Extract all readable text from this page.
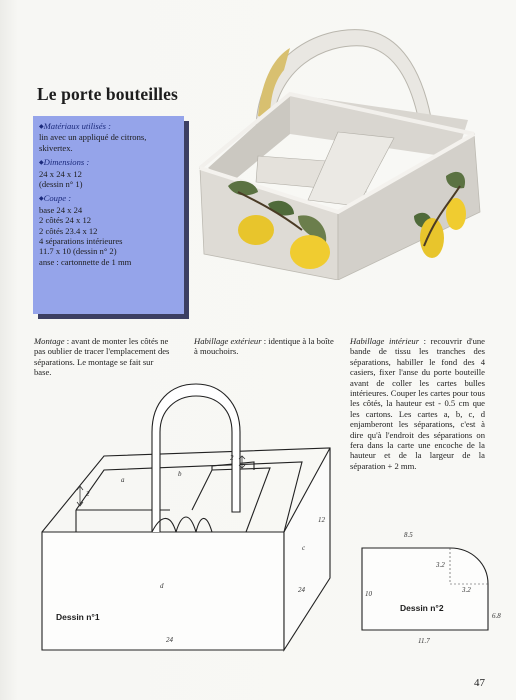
Le porte bouteilles
◆ Matériaux utilisés :
lin avec un appliqué de citrons, skivertex.
◆ Dimensions :
24 x 24 x 12
(dessin n° 1)
◆ Coupe :
base 24 x 24
2 côtés 24 x 12
2 côtés 23.4 x 12
4 séparations intérieures
11.7 x 10 (dessin n° 2)
anse : cartonnette de 1 mm
Montage : avant de monter les côtés ne pas oublier de tracer l'emplacement des séparations. Le montage se fait sur base.
Habillage extérieur : identique à la boîte à mouchoirs.
Habillage intérieur : recouvrir d'une bande de tissu les tranches des séparations, habiller le fond des 4 casiers, fixer l'anse du porte bouteille avant de coller les cartes bulles intérieures. Couper les cartes pour tous les côtés, la hauteur est - 0.5 cm que les cartons. Les cartes a, b, c, d enjamberont les séparations, c'est à dire qu'à l'endroit des séparations on fera dans la carte une encoche de la hauteur et de la largeur de la séparation + 2 mm.
2
2
a
b
c
d
12
24
24
Dessin n°1
8.5
3.2
3.2
10
6.8
11.7
Dessin n°2
47
